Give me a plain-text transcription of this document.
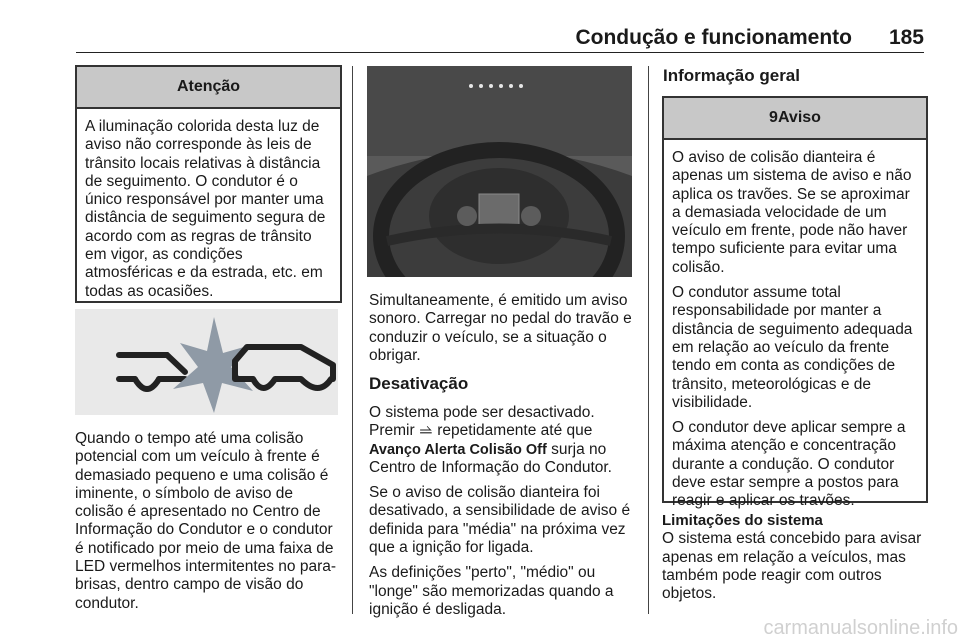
Condução e funcionamento 185
Atenção

A iluminação colorida desta luz de aviso não corresponde às leis de trânsito locais relativas à distância de seguimento. O condutor é o único responsável por manter uma distância de seguimento segura de acordo com as regras de trânsito em vigor, as condições atmosféricas e da estrada, etc. em todas as ocasiões.

Quando o tempo até uma colisão potencial com um veículo à frente é demasiado pequeno e uma colisão é iminente, o símbolo de aviso de colisão é apresentado no Centro de Informação do Condutor e o condutor é notificado por meio de uma faixa de LED vermelhos intermitentes no para-brisas, dentro campo de visão do condutor.

Simultaneamente, é emitido um aviso sonoro. Carregar no pedal do travão e conduzir o veículo, se a situação o obrigar.

Desativação

O sistema pode ser desactivado. Premir ⥬ repetidamente até que Avanço Alerta Colisão Off surja no Centro de Informação do Condutor.

Se o aviso de colisão dianteira foi desativado, a sensibilidade de aviso é definida para "média" na próxima vez que a ignição for ligada.

As definições "perto", "médio" ou "longe" são memorizadas quando a ignição é desligada.

Informação geral
9Aviso

O aviso de colisão dianteira é apenas um sistema de aviso e não aplica os travões. Se se aproximar a demasiada velocidade de um veículo em frente, pode não haver tempo suficiente para evitar uma colisão.

O condutor assume total responsabilidade por manter a distância de seguimento adequada em relação ao veículo da frente tendo em conta as condições de trânsito, meteorológicas e de visibilidade.

O condutor deve aplicar sempre a máxima atenção e concentração durante a condução. O condutor deve estar sempre a postos para reagir e aplicar os travões.

Limitações do sistema
O sistema está concebido para avisar apenas em relação a veículos, mas também pode reagir com outros objetos.
carmanualsonline.info
